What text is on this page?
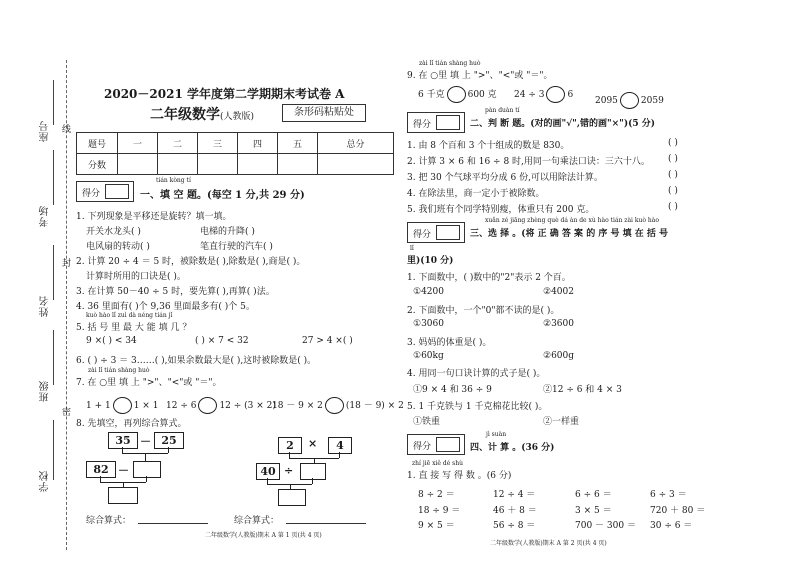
线
封
密
座号
考场
姓名
班级
学校
2020－2021 学年度第二学期期末考试卷 A
二年级数学(人教版)	条形码粘贴处
题号	一	二	三	四	五	总分
分数						
得分
tián kòng tí
一、填 空 题。(每空 1 分,共 29 分)
1. 下列现象是平移还是旋转？填一填。
开关水龙头( )	电梯的升降( )
电风扇的转动( )	笔直行驶的汽车( )
2. 计算 20 ÷ 4 ＝ 5 时，被除数是( ),除数是( ),商是( )。
计算时所用的口诀是( )。
3. 在计算 50－40 ÷ 5 时，要先算( ),再算( )法。
4. 36 里面有( )个 9,36 里面最多有( )个 5。
kuò hào lǐ zuì dà néng tián jǐ
5. 括 号 里 最 大 能 填 几 ？
9 ×( ) < 34	( ) × 7 < 32	27 > 4 ×( )
6. ( ) ÷ 3 ＝ 3……( ),如果余数最大是( ),这时被除数是( )。
zài lǐ tián shàng huò
7. 在 ○里 填 上 ">"、"<"或 "＝"。
1 + 1	1 × 1 12 ÷ 6	12 ÷ (3 × 2)
18 － 9 × 2	(18 － 9) × 2
8. 先填空，再列综合算式。
35 － 25
82 －
2	×	4
40 ÷
综合算式：	综合算式：
二年级数学(人教版)期末 A 第 1 页(共 4 页)
zài lǐ tián shàng huò
9. 在 ○里 填 上 ">"、"<"或 "＝"。
6 千克	600 克 24 ÷ 3	6
2095	2059
得分
pàn duàn tí
二、判 断 题。(对的画"√",错的画"×")(5 分)
1. 由 8 个百和 3 个十组成的数是 830。	( )
2. 计算 3 × 6 和 16 ÷ 8 时,用同一句乘法口诀：三六十八。 ( )
3. 把 30 个气球平均分成 6 份,可以用除法计算。	( )
4. 在除法里，商一定小于被除数。	( )
5. 我们班有个同学特别瘦，体重只有 200 克。	( )
得分
xuǎn zé jiāng zhèng què dá àn de xù hào tián zài kuò hào
三、选 择 。(将 正 确 答 案 的 序 号 填 在 括 号
lǐ
里)(10 分)
1. 下面数中，( )数中的"2"表示 2 个百。
①4200	②4002
2. 下面数中，一个"0"都不读的是( )。
①3060	②3600
3. 妈妈的体重是( )。
①60kg	②600g
4. 用同一句口诀计算的式子是( )。
①9 × 4 和 36 ÷ 9	②12 ÷ 6 和 4 × 3
5. 1 千克铁与 1 千克棉花比较( )。
①铁重	②一样重
得分
jì suàn
四、计 算 。(36 分)
zhí jiē xiě dé shù
1. 直 接 写 得 数 。(6 分)
8 ÷ 2 ＝	12 ÷ 4 ＝	6 ÷ 6 ＝	6 ÷ 3 ＝
18 ÷ 9 ＝	46 ＋ 8 ＝	3 × 5 ＝	720 ＋ 80 ＝
9 × 5 ＝	56 ÷ 8 ＝	700 － 300 ＝ 30 ÷ 6 ＝
二年级数学(人教版)期末 A 第 2 页(共 4 页)
